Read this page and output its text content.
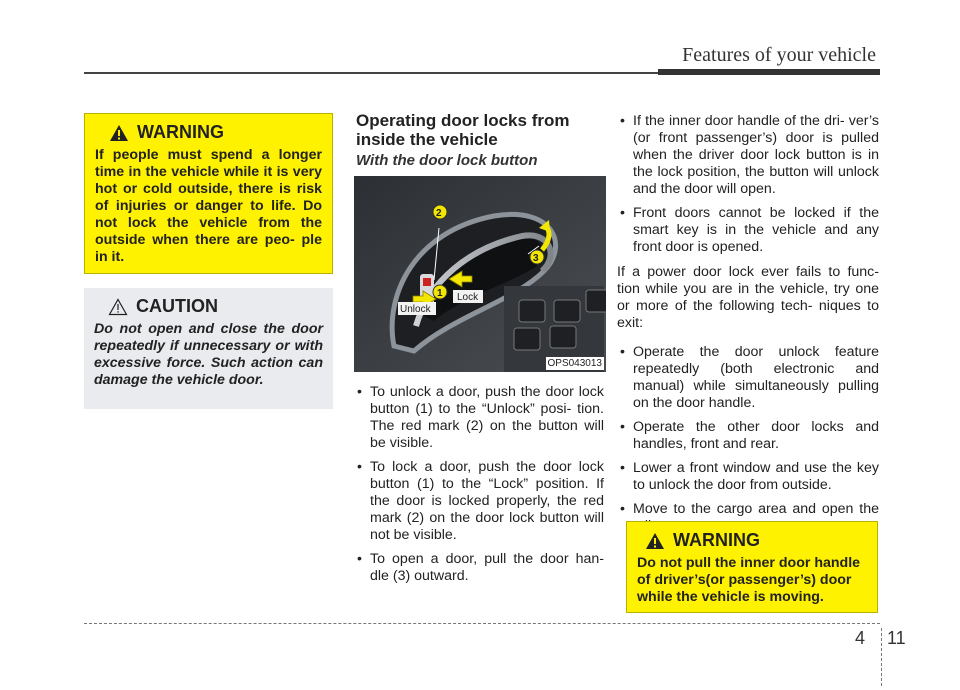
Features of your vehicle
WARNING
If people must spend a longer time in the vehicle while it is very hot or cold outside, there is risk of injuries or danger to life. Do not lock the vehicle from the outside when there are peo- ple in it.
CAUTION
Do not open and close the door repeatedly if unnecessary or with excessive force. Such action can damage the vehicle door.
Operating door locks from inside the vehicle
With the door lock button
2
3
1
Unlock
Lock
OPS043013
• To unlock a door, push the door lock button (1) to the “Unlock” posi- tion. The red mark (2) on the button will be visible.
• To lock a door, push the door lock button (1) to the “Lock” position. If the door is locked properly, the red mark (2) on the door lock button will not be visible.
• To open a door, pull the door han- dle (3) outward.
• If the inner door handle of the dri- ver’s (or front passenger’s) door is pulled when the driver door lock button is in the lock position, the button will unlock and the door will open.
• Front doors cannot be locked if the smart key is in the vehicle and any front door is opened.
If a power door lock ever fails to func- tion while you are in the vehicle, try one or more of the following tech- niques to exit:
• Operate the door unlock feature repeatedly (both electronic and manual) while simultaneously pulling on the door handle.
• Operate the other door locks and handles, front and rear.
• Lower a front window and use the key to unlock the door from outside.
• Move to the cargo area and open the
WARNING
Do not pull the inner door handle of driver’s(or passenger’s) door while the vehicle is moving.
4 11
